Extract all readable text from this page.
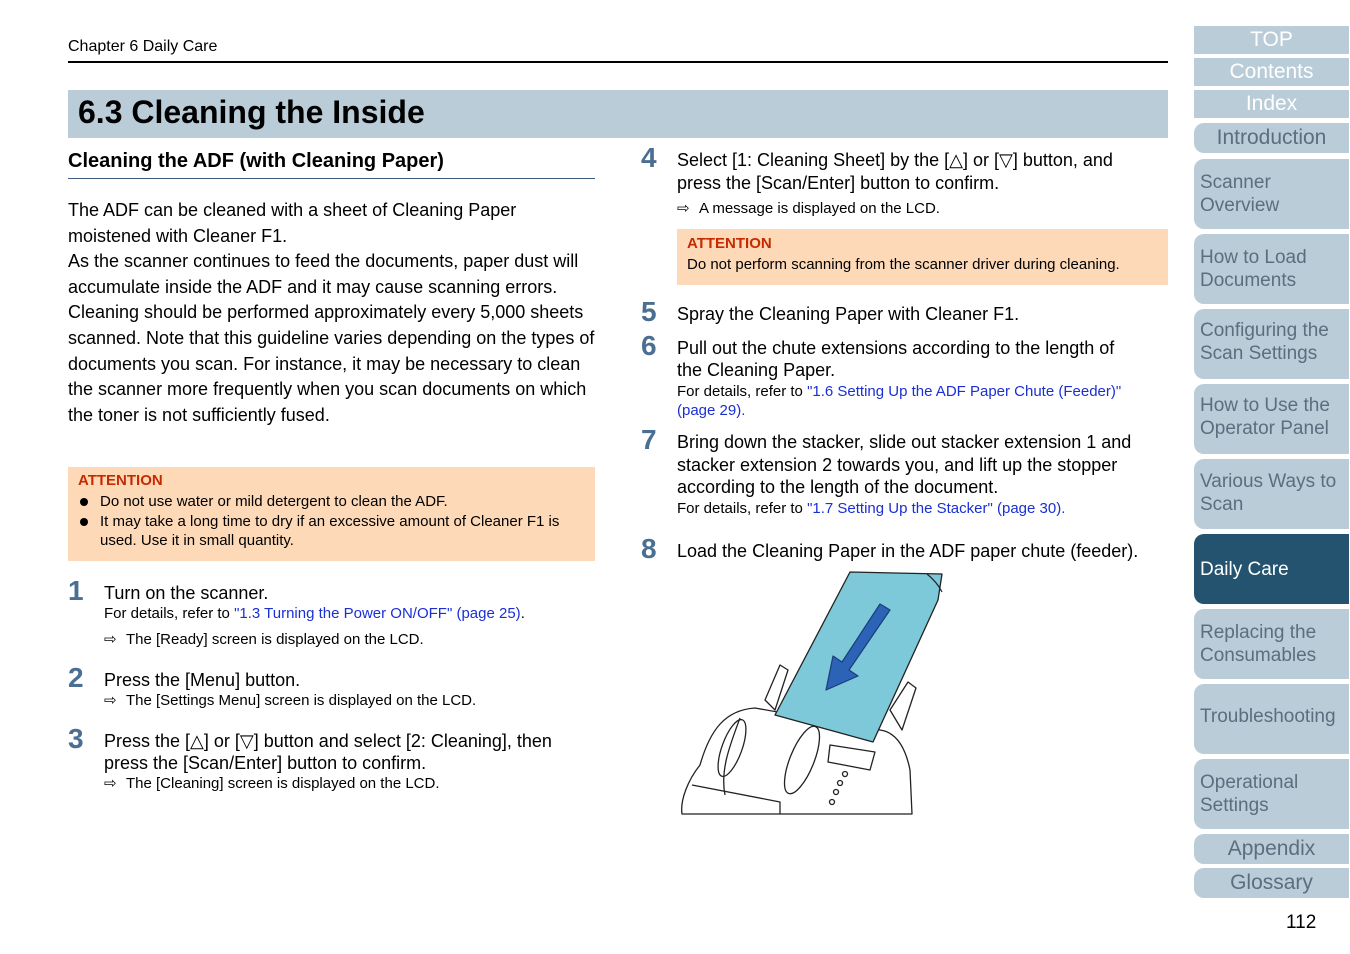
Chapter 6 Daily Care
6.3 Cleaning the Inside
Cleaning the ADF (with Cleaning Paper)

The ADF can be cleaned with a sheet of Cleaning Paper moistened with Cleaner F1.

As the scanner continues to feed the documents, paper dust will accumulate inside the ADF and it may cause scanning errors.

Cleaning should be performed approximately every 5,000 sheets scanned. Note that this guideline varies depending on the types of documents you scan. For instance, it may be necessary to clean the scanner more frequently when you scan documents on which the toner is not sufficiently fused.

ATTENTION
Do not use water or mild detergent to clean the ADF.
It may take a long time to dry if an excessive amount of Cleaner F1 is used. Use it in small quantity.
1 Turn on the scanner.
For details, refer to "1.3 Turning the Power ON/OFF" (page 25).
⇨ The [Ready] screen is displayed on the LCD.
2 Press the [Menu] button.
⇨ The [Settings Menu] screen is displayed on the LCD.
3 Press the [△] or [▽] button and select [2: Cleaning], then
press the [Scan/Enter] button to confirm.
⇨ The [Cleaning] screen is displayed on the LCD.
4 Select [1: Cleaning Sheet] by the [△] or [▽] button, and
press the [Scan/Enter] button to confirm.
⇨ A message is displayed on the LCD.
ATTENTION
Do not perform scanning from the scanner driver during cleaning.
5 Spray the Cleaning Paper with Cleaner F1.
6 Pull out the chute extensions according to the length of
the Cleaning Paper.
For details, refer to "1.6 Setting Up the ADF Paper Chute (Feeder)"
(page 29).
7 Bring down the stacker, slide out stacker extension 1 and
stacker extension 2 towards you, and lift up the stopper
according to the length of the document.
For details, refer to "1.7 Setting Up the Stacker" (page 30).
8 Load the Cleaning Paper in the ADF paper chute (feeder).
TOP
Contents
Index
Introduction
Scanner
Overview
How to Load
Documents
Configuring the
Scan Settings
How to Use the
Operator Panel
Various Ways to
Scan
Daily Care
Replacing the
Consumables
Troubleshooting
Operational
Settings
Appendix
Glossary
112
